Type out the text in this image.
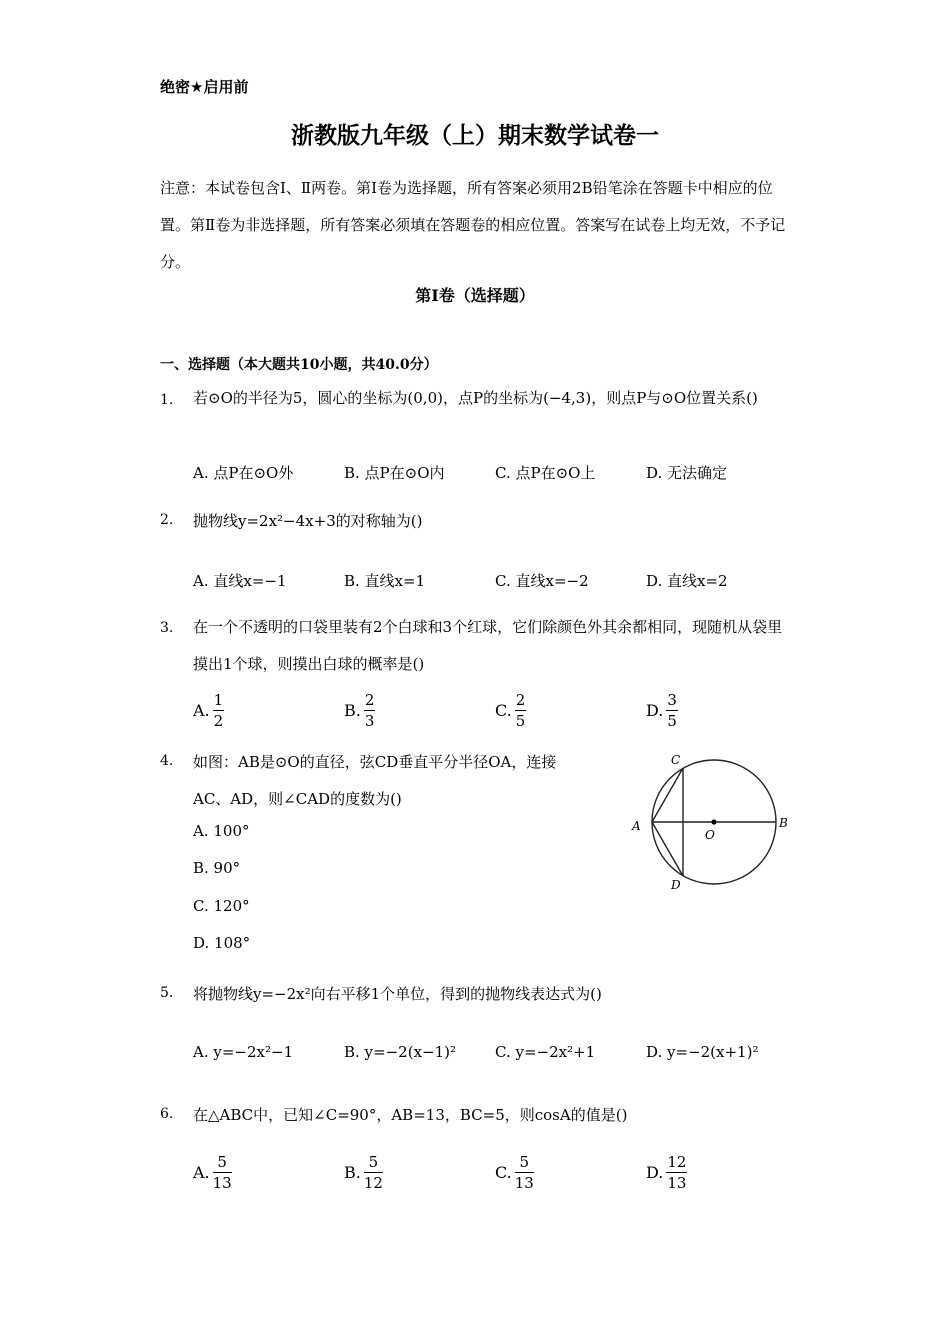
绝密★启用前
浙教版九年级（上）期末数学试卷一
注意：本试卷包含Ⅰ、Ⅱ两卷。第Ⅰ卷为选择题，所有答案必须用2B铅笔涂在答题卡中相应的位置。第Ⅱ卷为非选择题，所有答案必须填在答题卷的相应位置。答案写在试卷上均无效，不予记分。
第I卷（选择题）
一、选择题（本大题共10小题，共40.0分）
1. 若⊙O的半径为5，圆心的坐标为(0,0)，点P的坐标为(−4,3)，则点P与⊙O位置关系()
A. 点P在⊙O外	B. 点P在⊙O内	C. 点P在⊙O上	D. 无法确定
2. 抛物线y=2x²−4x+3的对称轴为()
A. 直线x=−1	B. 直线x=1	C. 直线x=−2	D. 直线x=2
3. 在一个不透明的口袋里装有2个白球和3个红球，它们除颜色外其余都相同，现随机从袋里摸出1个球，则摸出白球的概率是()
A. $\frac{1}{2}$	B. $\frac{2}{3}$	C. $\frac{2}{5}$	D. $\frac{3}{5}$
4. 如图：AB是⊙O的直径，弦CD垂直平分半径OA，连接
AC、AD，则∠CAD的度数为()
A. 100°
B. 90°
C. 120°
D. 108°
C
A
O
B
D
5. 将抛物线y=−2x²向右平移1个单位，得到的抛物线表达式为()
A. y=−2x²−1	B. y=−2(x−1)²	C. y=−2x²+1	D. y=−2(x+1)²
6. 在△ABC中，已知∠C=90°，AB=13，BC=5，则cosA的值是()
A. $\frac{5}{13}$	B. $\frac{5}{12}$	C. $\frac{5}{13}$	D. $\frac{12}{13}$
